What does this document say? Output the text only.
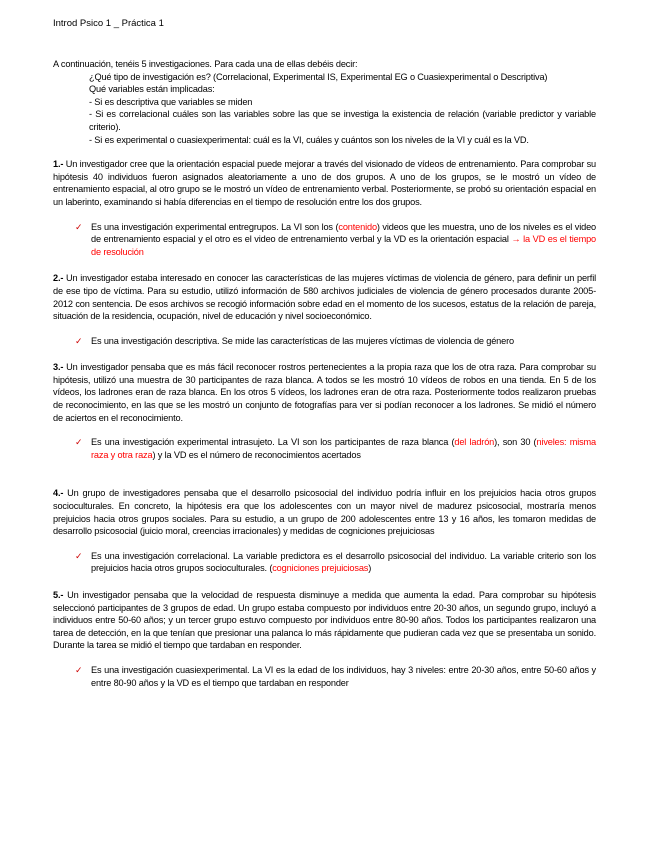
Introd Psico 1 _ Práctica 1

A continuación, tenéis 5 investigaciones. Para cada una de ellas debéis decir:

¿Qué tipo de investigación es? (Correlacional, Experimental IS, Experimental EG o Cuasiexperimental o Descriptiva)
Qué variables están implicadas:
- Si es descriptiva que variables se miden
- Si es correlacional cuáles son las variables sobre las que se investiga la existencia de relación (variable predictor y variable criterio).
- Si es experimental o cuasiexperimental: cuál es la VI, cuáles y cuántos son los niveles de la VI y cuál es la VD.

1.- Un investigador cree que la orientación espacial puede mejorar a través del visionado de vídeos de entrenamiento. Para comprobar su hipótesis 40 individuos fueron asignados aleatoriamente a uno de dos grupos. A uno de los grupos, se le mostró un vídeo de entrenamiento espacial, al otro grupo se le mostró un vídeo de entrenamiento verbal. Posteriormente, se probó su orientación espacial en un laberinto, examinando si había diferencias en el tiempo de resolución entre los dos grupos.

✓ Es una investigación experimental entregrupos. La VI son los (contenido) videos que les muestra, uno de los niveles es el video de entrenamiento espacial y el otro es el video de entrenamiento verbal y la VD es la orientación espacial → la VD es el tiempo de resolución

2.- Un investigador estaba interesado en conocer las características de las mujeres víctimas de violencia de género, para definir un perfil de ese tipo de víctima. Para su estudio, utilizó información de 580 archivos judiciales de violencia de género procesados durante 2005-2012 con sentencia. De esos archivos se recogió información sobre edad en el momento de los sucesos, estatus de la relación de pareja, situación de la residencia, ocupación, nivel de educación y nivel socioeconómico.

✓ Es una investigación descriptiva. Se mide las características de las mujeres víctimas de violencia de género

3.- Un investigador pensaba que es más fácil reconocer rostros pertenecientes a la propia raza que los de otra raza. Para comprobar su hipótesis, utilizó una muestra de 30 participantes de raza blanca. A todos se les mostró 10 vídeos de robos en una tienda. En 5 de los vídeos, los ladrones eran de raza blanca. En los otros 5 vídeos, los ladrones eran de otra raza. Posteriormente todos realizaron pruebas de reconocimiento, en las que se les mostró un conjunto de fotografías para ver si podían reconocer a los ladrones. Se midió el número de aciertos en el reconocimiento.

✓ Es una investigación experimental intrasujeto. La VI son los participantes de raza blanca (del ladrón), son 30 (niveles: misma raza y otra raza) y la VD es el número de reconocimientos acertados

4.- Un grupo de investigadores pensaba que el desarrollo psicosocial del individuo podría influir en los prejuicios hacia otros grupos socioculturales. En concreto, la hipótesis era que los adolescentes con un mayor nivel de madurez psicosocial, mostraría menos prejuicios hacia otros grupos sociales. Para su estudio, a un grupo de 200 adolescentes entre 13 y 16 años, les tomaron medidas de desarrollo psicosocial (juicio moral, creencias irracionales) y medidas de cogniciones prejuiciosas

✓ Es una investigación correlacional. La variable predictora es el desarrollo psicosocial del individuo. La variable criterio son los prejuicios hacia otros grupos socioculturales. (cogniciones prejuiciosas)

5.- Un investigador pensaba que la velocidad de respuesta disminuye a medida que aumenta la edad. Para comprobar su hipótesis seleccionó participantes de 3 grupos de edad. Un grupo estaba compuesto por individuos entre 20-30 años, un segundo grupo, incluyó a individuos entre 50-60 años; y un tercer grupo estuvo compuesto por individuos entre 80-90 años. Todos los participantes realizaron una tarea de detección, en la que tenían que presionar una palanca lo más rápidamente que pudieran cada vez que se presentaba un sonido. Durante la tarea se midió el tiempo que tardaban en responder.

✓ Es una investigación cuasiexperimental. La VI es la edad de los individuos, hay 3 niveles: entre 20-30 años, entre 50-60 años y entre 80-90 años y la VD es el tiempo que tardaban en responder
